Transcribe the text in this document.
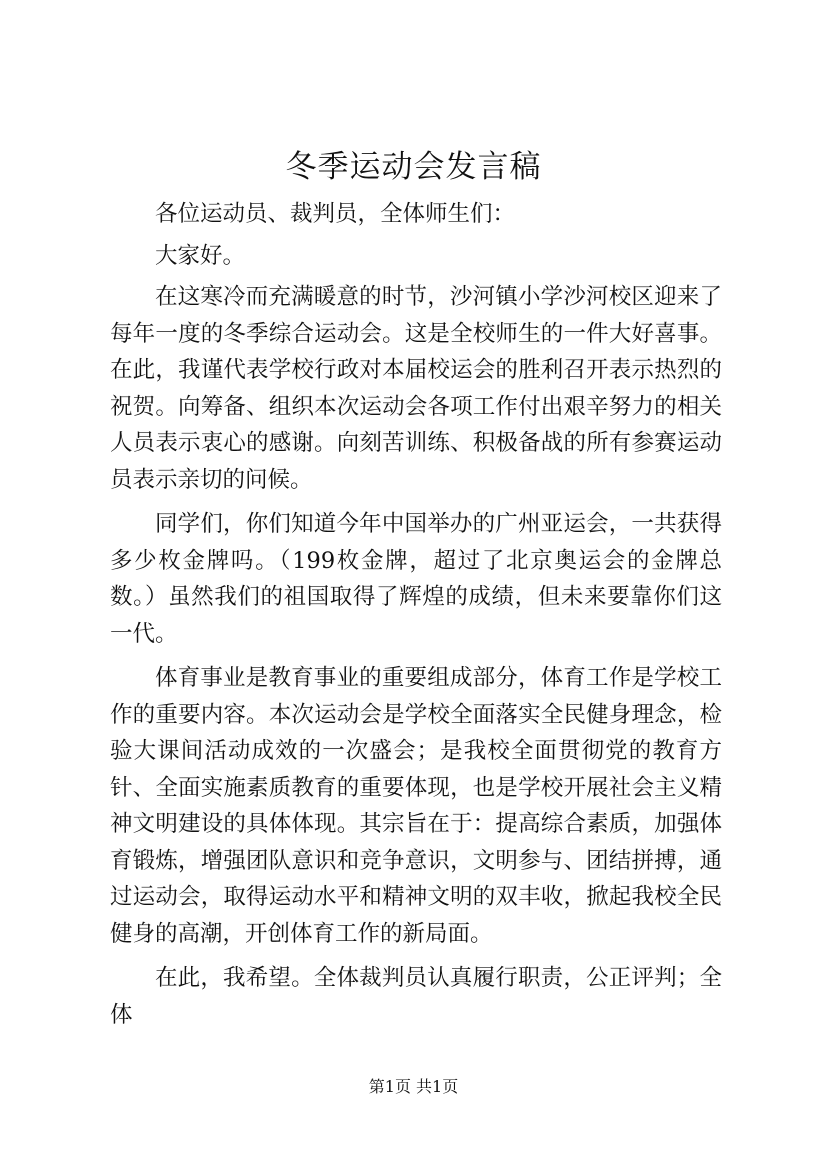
冬季运动会发言稿

各位运动员、裁判员，全体师生们：

大家好。

在这寒冷而充满暖意的时节，沙河镇小学沙河校区迎来了每年一度的冬季综合运动会。这是全校师生的一件大好喜事。在此，我谨代表学校行政对本届校运会的胜利召开表示热烈的祝贺。向筹备、组织本次运动会各项工作付出艰辛努力的相关人员表示衷心的感谢。向刻苦训练、积极备战的所有参赛运动员表示亲切的问候。

同学们，你们知道今年中国举办的广州亚运会，一共获得多少枚金牌吗。（199枚金牌，超过了北京奥运会的金牌总数。）虽然我们的祖国取得了辉煌的成绩，但未来要靠你们这一代。

体育事业是教育事业的重要组成部分，体育工作是学校工作的重要内容。本次运动会是学校全面落实全民健身理念，检验大课间活动成效的一次盛会；是我校全面贯彻党的教育方针、全面实施素质教育的重要体现，也是学校开展社会主义精神文明建设的具体体现。其宗旨在于：提高综合素质，加强体育锻炼，增强团队意识和竞争意识，文明参与、团结拼搏，通过运动会，取得运动水平和精神文明的双丰收，掀起我校全民健身的高潮，开创体育工作的新局面。

在此，我希望。全体裁判员认真履行职责，公正评判；全体

第1页 共1页
